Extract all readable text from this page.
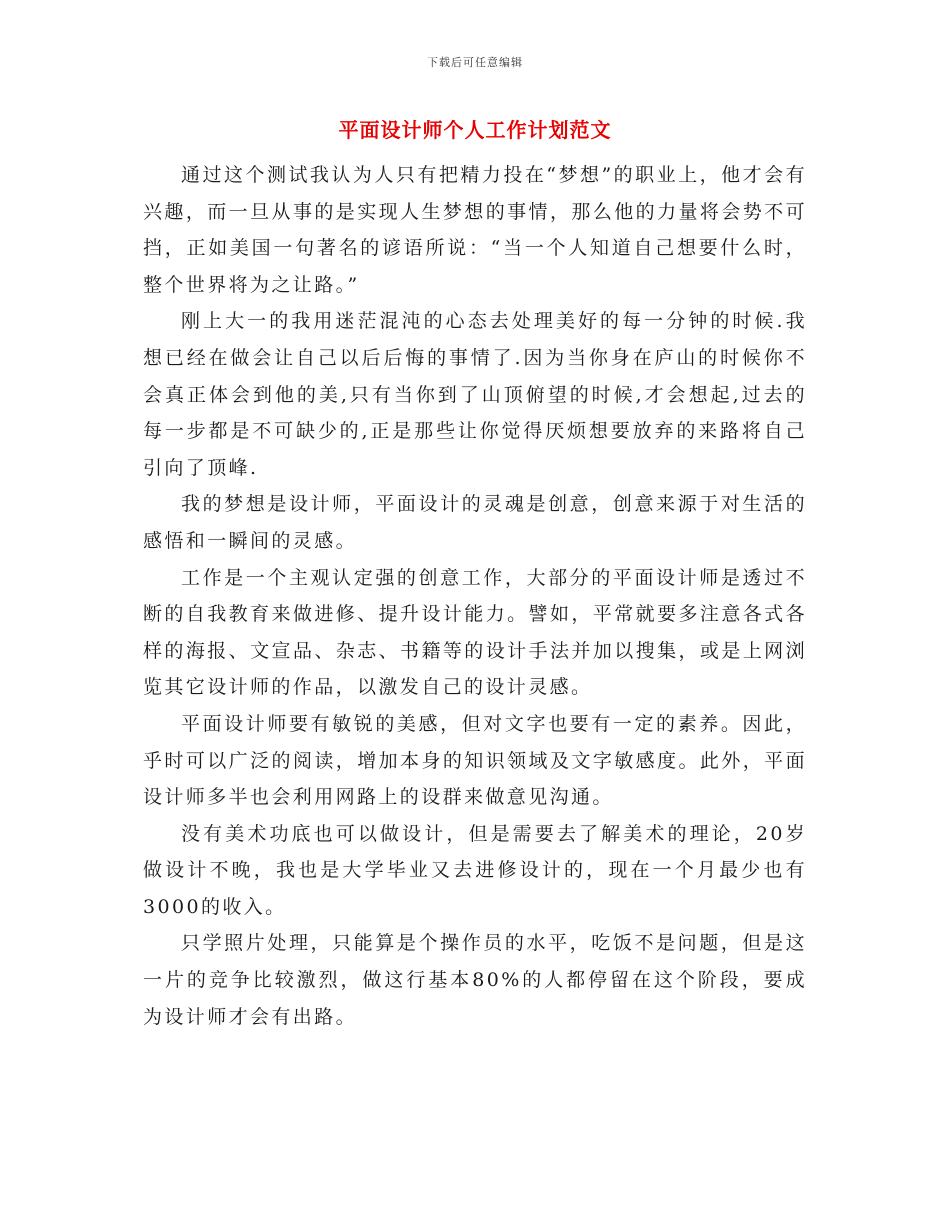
下载后可任意编辑
平面设计师个人工作计划范文

通过这个测试我认为人只有把精力投在“梦想”的职业上，他才会有兴趣，而一旦从事的是实现人生梦想的事情，那么他的力量将会势不可挡，正如美国一句著名的谚语所说：“当一个人知道自己想要什么时，整个世界将为之让路。”

刚上大一的我用迷茫混沌的心态去处理美好的每一分钟的时候.我想已经在做会让自己以后后悔的事情了.因为当你身在庐山的时候你不会真正体会到他的美,只有当你到了山顶俯望的时候,才会想起,过去的每一步都是不可缺少的,正是那些让你觉得厌烦想要放弃的来路将自己引向了顶峰.

我的梦想是设计师，平面设计的灵魂是创意，创意来源于对生活的感悟和一瞬间的灵感。

工作是一个主观认定强的创意工作，大部分的平面设计师是透过不断的自我教育来做进修、提升设计能力。譬如，平常就要多注意各式各样的海报、文宣品、杂志、书籍等的设计手法并加以搜集，或是上网浏览其它设计师的作品，以激发自己的设计灵感。

平面设计师要有敏锐的美感，但对文字也要有一定的素养。因此，乎时可以广泛的阅读，增加本身的知识领域及文字敏感度。此外，平面设计师多半也会利用网路上的设群来做意见沟通。

没有美术功底也可以做设计，但是需要去了解美术的理论，20岁做设计不晚，我也是大学毕业又去进修设计的，现在一个月最少也有3000的收入。

只学照片处理，只能算是个操作员的水平，吃饭不是问题，但是这一片的竞争比较激烈，做这行基本80%的人都停留在这个阶段，要成为设计师才会有出路。
